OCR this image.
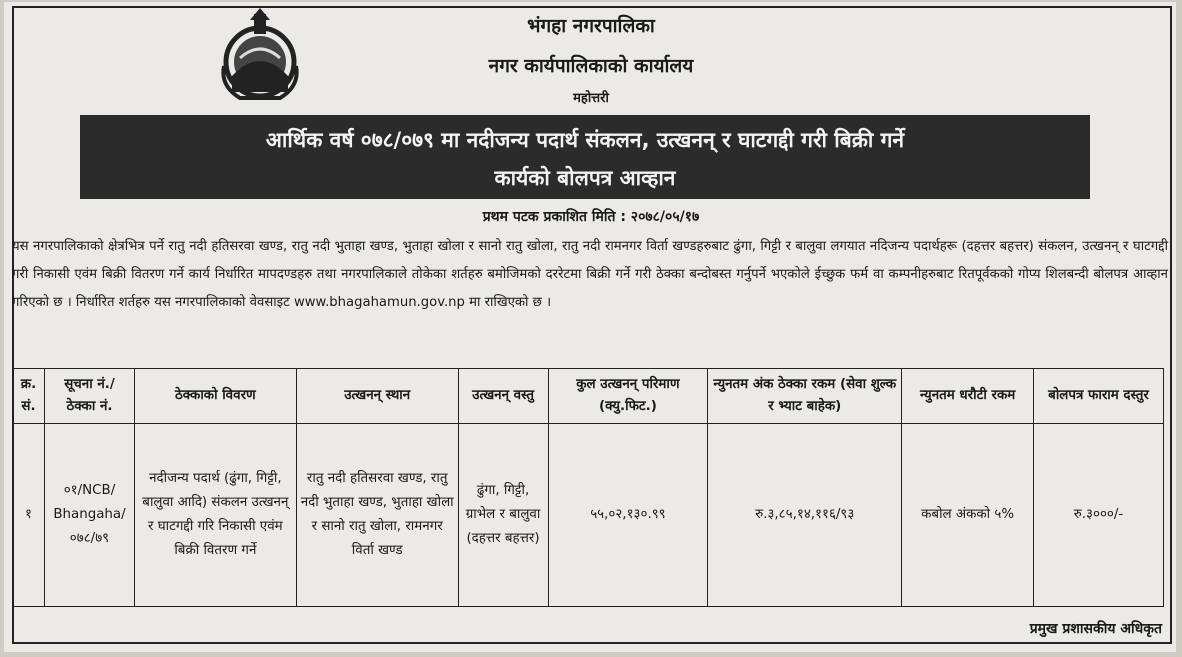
भंगहा नगरपालिका
नगर कार्यपालिकाको कार्यालय
महोत्तरी
आर्थिक वर्ष ०७८/०७९ मा नदीजन्य पदार्थ संकलन, उत्खनन् र घाटगद्दी गरी बिक्री गर्ने
कार्यको बोलपत्र आव्हान
प्रथम पटक प्रकाशित मिति : २०७८/०५/१७

यस नगरपालिकाको क्षेत्रभित्र पर्ने रातु नदी हतिसरवा खण्ड, रातु नदी भुताहा खण्ड, भुताहा खोला र सानो रातु खोला, रातु नदी रामनगर विर्ता खण्डहरुबाट ढुंगा, गिट्टी र बालुवा लगयात नदिजन्य पदार्थहरू (दहत्तर बहत्तर) संकलन, उत्खनन् र घाटगद्दी गरी निकासी एवंम बिक्री वितरण गर्ने कार्य निर्धारित मापदण्डहरु तथा नगरपालिकाले तोकेका शर्तहरु बमोजिमको दररेटमा बिक्री गर्ने गरी ठेक्का बन्दोबस्त गर्नुपर्ने भएकोले ईच्छुक फर्म वा कम्पनीहरुबाट रितपूर्वकको गोप्य शिलबन्दी बोलपत्र आव्हान गरिएको छ । निर्धारित शर्तहरु यस नगरपालिकाको वेवसाइट www.bhagahamun.gov.np मा राखिएको छ ।

क्र. सं.	सूचना नं./ ठेक्का नं.	ठेक्काको विवरण	उत्खनन् स्थान	उत्खनन् वस्तु	कुल उत्खनन् परिमाण (क्यु.फिट.)	न्युनतम अंक ठेक्का रकम (सेवा शुल्क र भ्याट बाहेक)	न्युनतम धरौटी रकम	बोलपत्र फाराम दस्तुर
१	०१/NCB/ Bhangaha/ ०७८/७९	नदीजन्य पदार्थ (ढुंगा, गिट्टी, बालुवा आदि) संकलन उत्खनन् र घाटगद्दी गरि निकासी एवंम बिक्री वितरण गर्ने	रातु नदी हतिसरवा खण्ड, रातु नदी भुताहा खण्ड, भुताहा खोला र सानो रातु खोला, रामनगर विर्ता खण्ड	ढुंगा, गिट्टी, ग्राभेल र बालुवा (दहत्तर बहत्तर)	५५,०२,१३०.९९	रु.३,८५,१४,११६/९३	कबोल अंकको ५%	रु.३०००/-
प्रमुख प्रशासकीय अधिकृत
